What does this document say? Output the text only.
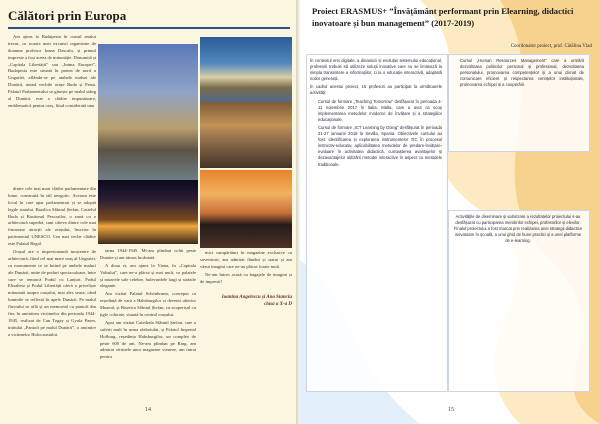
Călători prin Europa

Am ajuns la Budapesta în cursul anului trecut, cu ocazia unei excursii organizate de doamna profesor Ioana Dascalu, și primul impresie a fost aceea de minunăție. Denumită și „Capitala Libertății” sau „Inima Europei”, Budapesta este situată în partea de nord a Ungariei, aflându-se pe ambele maluri ale Dunării, unind vechile orașe Buda și Pesta. Palatul Parlamentului se găsește pe malul stâng al Dunării, este o clădire impunătoare, emblematică pentru oraș, fiind considerată una

dintre cele mai mari clădiri parlamentare din lume, construită în stil neogotic. Aceasta este locul în care apar parlamentari și se adoptă legile statului. Bazilica Sfântul Ștefan, Castelul Buda și Bastionul Pescarilor, o zonă cu o arhitectură superbă, sunt câteva dintre cele mai frumoase atracții ale orașului, înscrise în patrimoniul UNESCO. Cea mai veche clădire este Palatul Regal.

Orașul are o impresionantă moștenire de arhitectură, fiind cel mai mare oraș al Ungariei, cu monumente ce se întind pe ambele maluri ale Dunării, unite de poduri spectaculoase, între care se remarcă Podul cu Lanțuri. Podul Elisabeta și Podul Libertății oferă o priveliște minunată asupra orașului, mai ales seara, când luminile se reflectă în apele Dunării. Pe malul fluviului se află și un memorial cu pantofi din fier, în amintirea victimelor din perioada 1944-1945, realizat de Can Togay și Gyula Pauer, intitulat „Pantofi pe malul Dunării”, o amintire a victimelor Holocaustului.

iarna 1944-1945. Mi-am plimbat ochii peste Dunăre și am rămas încântată.

A doua zi, am ajuns la Viena, în „Capitala Valsului”, care ne-a plăcut și mai mult, cu palatele și muzeele sale celebre, bulevardele largi și străzile elegante.

Am vizitat Palatul Schönbrunn, conceput ca reședință de vară a Habsburgilor și devenit ulterior Muzeul, și Biserica Sfântul Ștefan, cu acoperișul cu țigle colorate, situată în centrul orașului.

Apoi am vizitat Catedrala Sfântul Ștefan, care a suferit mult în urma războiului, și Palatul Imperial Hofburg, reședința Habsburgilor, un complex de peste 600 de ani. Ne-am plimbat pe Ring, am admirat vitrinele unor magazine vieneze, am intrat pentru

mici cumpărături în magazine exclusive cu suveniruri, am admirat fântâni și statui și am văzut imagini care ne-au plăcut foarte mult.

Ne-am întors acasă cu bagajele de imagini și de impresii!

Ioanina Angelescu și Ana Stanciu
clasa a X-a D
14
Proiect ERASMUS+ ”Învățământ performant prin Elearning, didactici inovatoare și bun management” (2017-2019)
Coordonator proiect, prof. Cătălina Vlad

În contextul erei digitale, a dinamicii și evoluției sistemului educațional, profesorii trebuie să utilizeze soluții inovative care nu se limitează la simpla transmitere a informațiilor, ci la o educație interactivă, adaptată noilor generații.

În cadrul acestui proiect, 16 profesori au participat la următoarele activități:

• Cursul de formare „Teaching Tomorrow” desfășurat în perioada 4-11 noiembrie 2017 în Italia, Malta, care a avut ca scop implementarea metodelor moderne de învățare și a strategiilor educaționale.
• Cursul de formare „ICT Learning by Doing” desfășurat în perioada 21-27 ianuarie 2018 la Sevilla, Spania. Obiectivele cursului au fost: identificarea și explorarea instrumentelor TIC în procesul instructiv-educativ, aplicabilitatea metodelor de predare-învățare-evaluare în activitatea didactică, cunoașterea avantajelor și dezavantajelor utilizării metodei interactive în aspect cu metodele tradiționale.
• Cursul „Human Resources Management” care a urmărit dezvoltarea politicilor personal și profesional, dezvoltarea personalului, promovarea competențelor și a unui climat de comunicare eficient și respectarea cerințelor instituționale, promovarea echipei și a cooperării.

Activitățile de diseminare și valorizare a rezultatelor proiectului s-au desfășurat cu participarea membrilor echipei, profesorilor și elevilor. Finalul proiectului a fost marcat prin realizarea unei strategii didactice inovatoare în școală, a unui ghid de bune practici și a unei platforme de e-learning.

15
